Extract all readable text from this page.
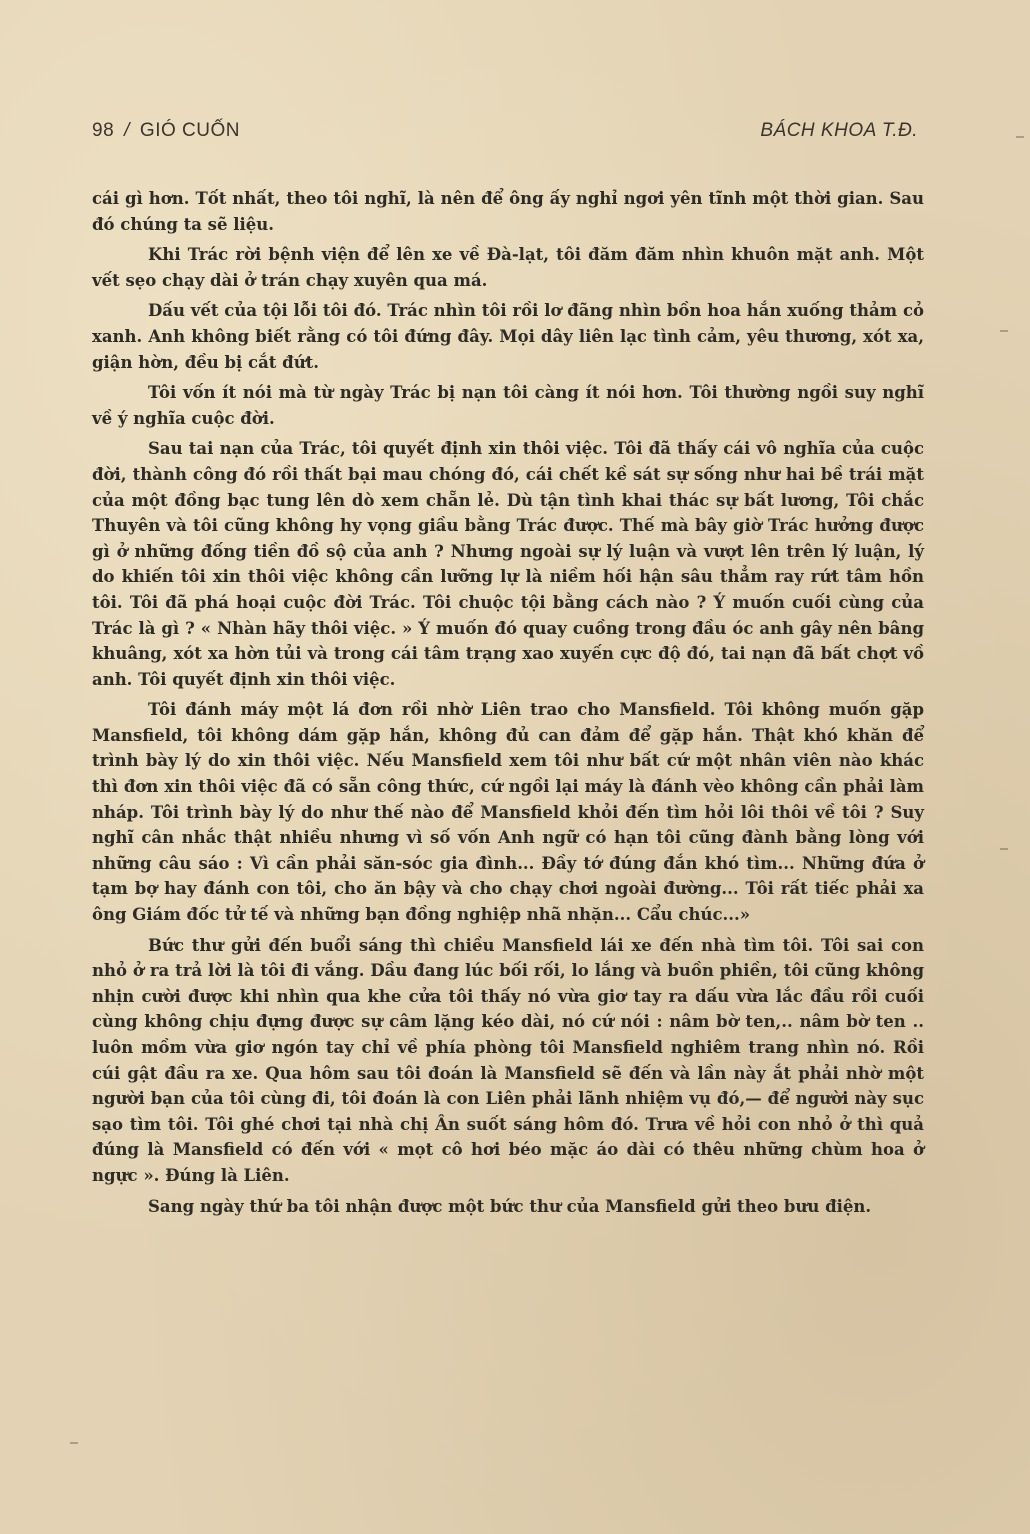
98 / GIÓ CUỐN	BÁCH KHOA T.Đ.

cái gì hơn. Tốt nhất, theo tôi nghĩ, là nên để ông ấy nghỉ ngơi yên tĩnh một thời gian. Sau đó chúng ta sẽ liệu.

Khi Trác rời bệnh viện để lên xe về Đà-lạt, tôi đăm đăm nhìn khuôn mặt anh. Một vết sẹo chạy dài ở trán chạy xuyên qua má.

Dấu vết của tội lỗi tôi đó. Trác nhìn tôi rồi lơ đãng nhìn bồn hoa hắn xuống thảm cỏ xanh. Anh không biết rằng có tôi đứng đây. Mọi dây liên lạc tình cảm, yêu thương, xót xa, giận hờn, đều bị cắt đứt.

Tôi vốn ít nói mà từ ngày Trác bị nạn tôi càng ít nói hơn. Tôi thường ngồi suy nghĩ về ý nghĩa cuộc đời.

Sau tai nạn của Trác, tôi quyết định xin thôi việc. Tôi đã thấy cái vô nghĩa của cuộc đời, thành công đó rồi thất bại mau chóng đó, cái chết kề sát sự sống như hai bề trái mặt của một đồng bạc tung lên dò xem chẵn lẻ. Dù tận tình khai thác sự bất lương, Tôi chắc Thuyên và tôi cũng không hy vọng giầu bằng Trác được. Thế mà bây giờ Trác hưởng được gì ở những đống tiền đồ sộ của anh ? Nhưng ngoài sự lý luận và vượt lên trên lý luận, lý do khiến tôi xin thôi việc không cần lưỡng lự là niềm hối hận sâu thẳm ray rứt tâm hồn tôi. Tôi đã phá hoại cuộc đời Trác. Tôi chuộc tội bằng cách nào ? Ý muốn cuối cùng của Trác là gì ? « Nhàn hãy thôi việc. » Ý muốn đó quay cuồng trong đầu óc anh gây nên bâng khuâng, xót xa hờn tủi và trong cái tâm trạng xao xuyến cực độ đó, tai nạn đã bất chợt vồ anh. Tôi quyết định xin thôi việc.

Tôi đánh máy một lá đơn rồi nhờ Liên trao cho Mansfield. Tôi không muốn gặp Mansfield, tôi không dám gặp hắn, không đủ can đảm để gặp hắn. Thật khó khăn để trình bày lý do xin thôi việc. Nếu Mansfield xem tôi như bất cứ một nhân viên nào khác thì đơn xin thôi việc đã có sẵn công thức, cứ ngồi lại máy là đánh vèo không cần phải làm nháp. Tôi trình bày lý do như thế nào để Mansfield khỏi đến tìm hỏi lôi thôi về tôi ? Suy nghĩ cân nhắc thật nhiều nhưng vì số vốn Anh ngữ có hạn tôi cũng đành bằng lòng với những câu sáo : Vì cần phải săn-sóc gia đình... Đầy tớ đúng đắn khó tìm... Những đứa ở tạm bợ hay đánh con tôi, cho ăn bậy và cho chạy chơi ngoài đường... Tôi rất tiếc phải xa ông Giám đốc tử tế và những bạn đồng nghiệp nhã nhặn... Cẩu chúc...»

Bức thư gửi đến buổi sáng thì chiều Mansfield lái xe đến nhà tìm tôi. Tôi sai con nhỏ ở ra trả lời là tôi đi vắng. Dầu đang lúc bối rối, lo lắng và buồn phiền, tôi cũng không nhịn cười được khi nhìn qua khe cửa tôi thấy nó vừa giơ tay ra dấu vừa lắc đầu rồi cuối cùng không chịu đựng được sự câm lặng kéo dài, nó cứ nói : nâm bờ ten,.. nâm bờ ten .. luôn mồm vừa giơ ngón tay chỉ về phía phòng tôi Mansfield nghiêm trang nhìn nó. Rồi cúi gật đầu ra xe. Qua hôm sau tôi đoán là Mansfield sẽ đến và lần này ắt phải nhờ một người bạn của tôi cùng đi, tôi đoán là con Liên phải lãnh nhiệm vụ đó,— để người này sục sạo tìm tôi. Tôi ghé chơi tại nhà chị Ân suốt sáng hôm đó. Trưa về hỏi con nhỏ ở thì quả đúng là Mansfield có đến với « mọt cô hơi béo mặc áo dài có thêu những chùm hoa ở ngực ». Đúng là Liên.

Sang ngày thứ ba tôi nhận được một bức thư của Mansfield gửi theo bưu điện.
